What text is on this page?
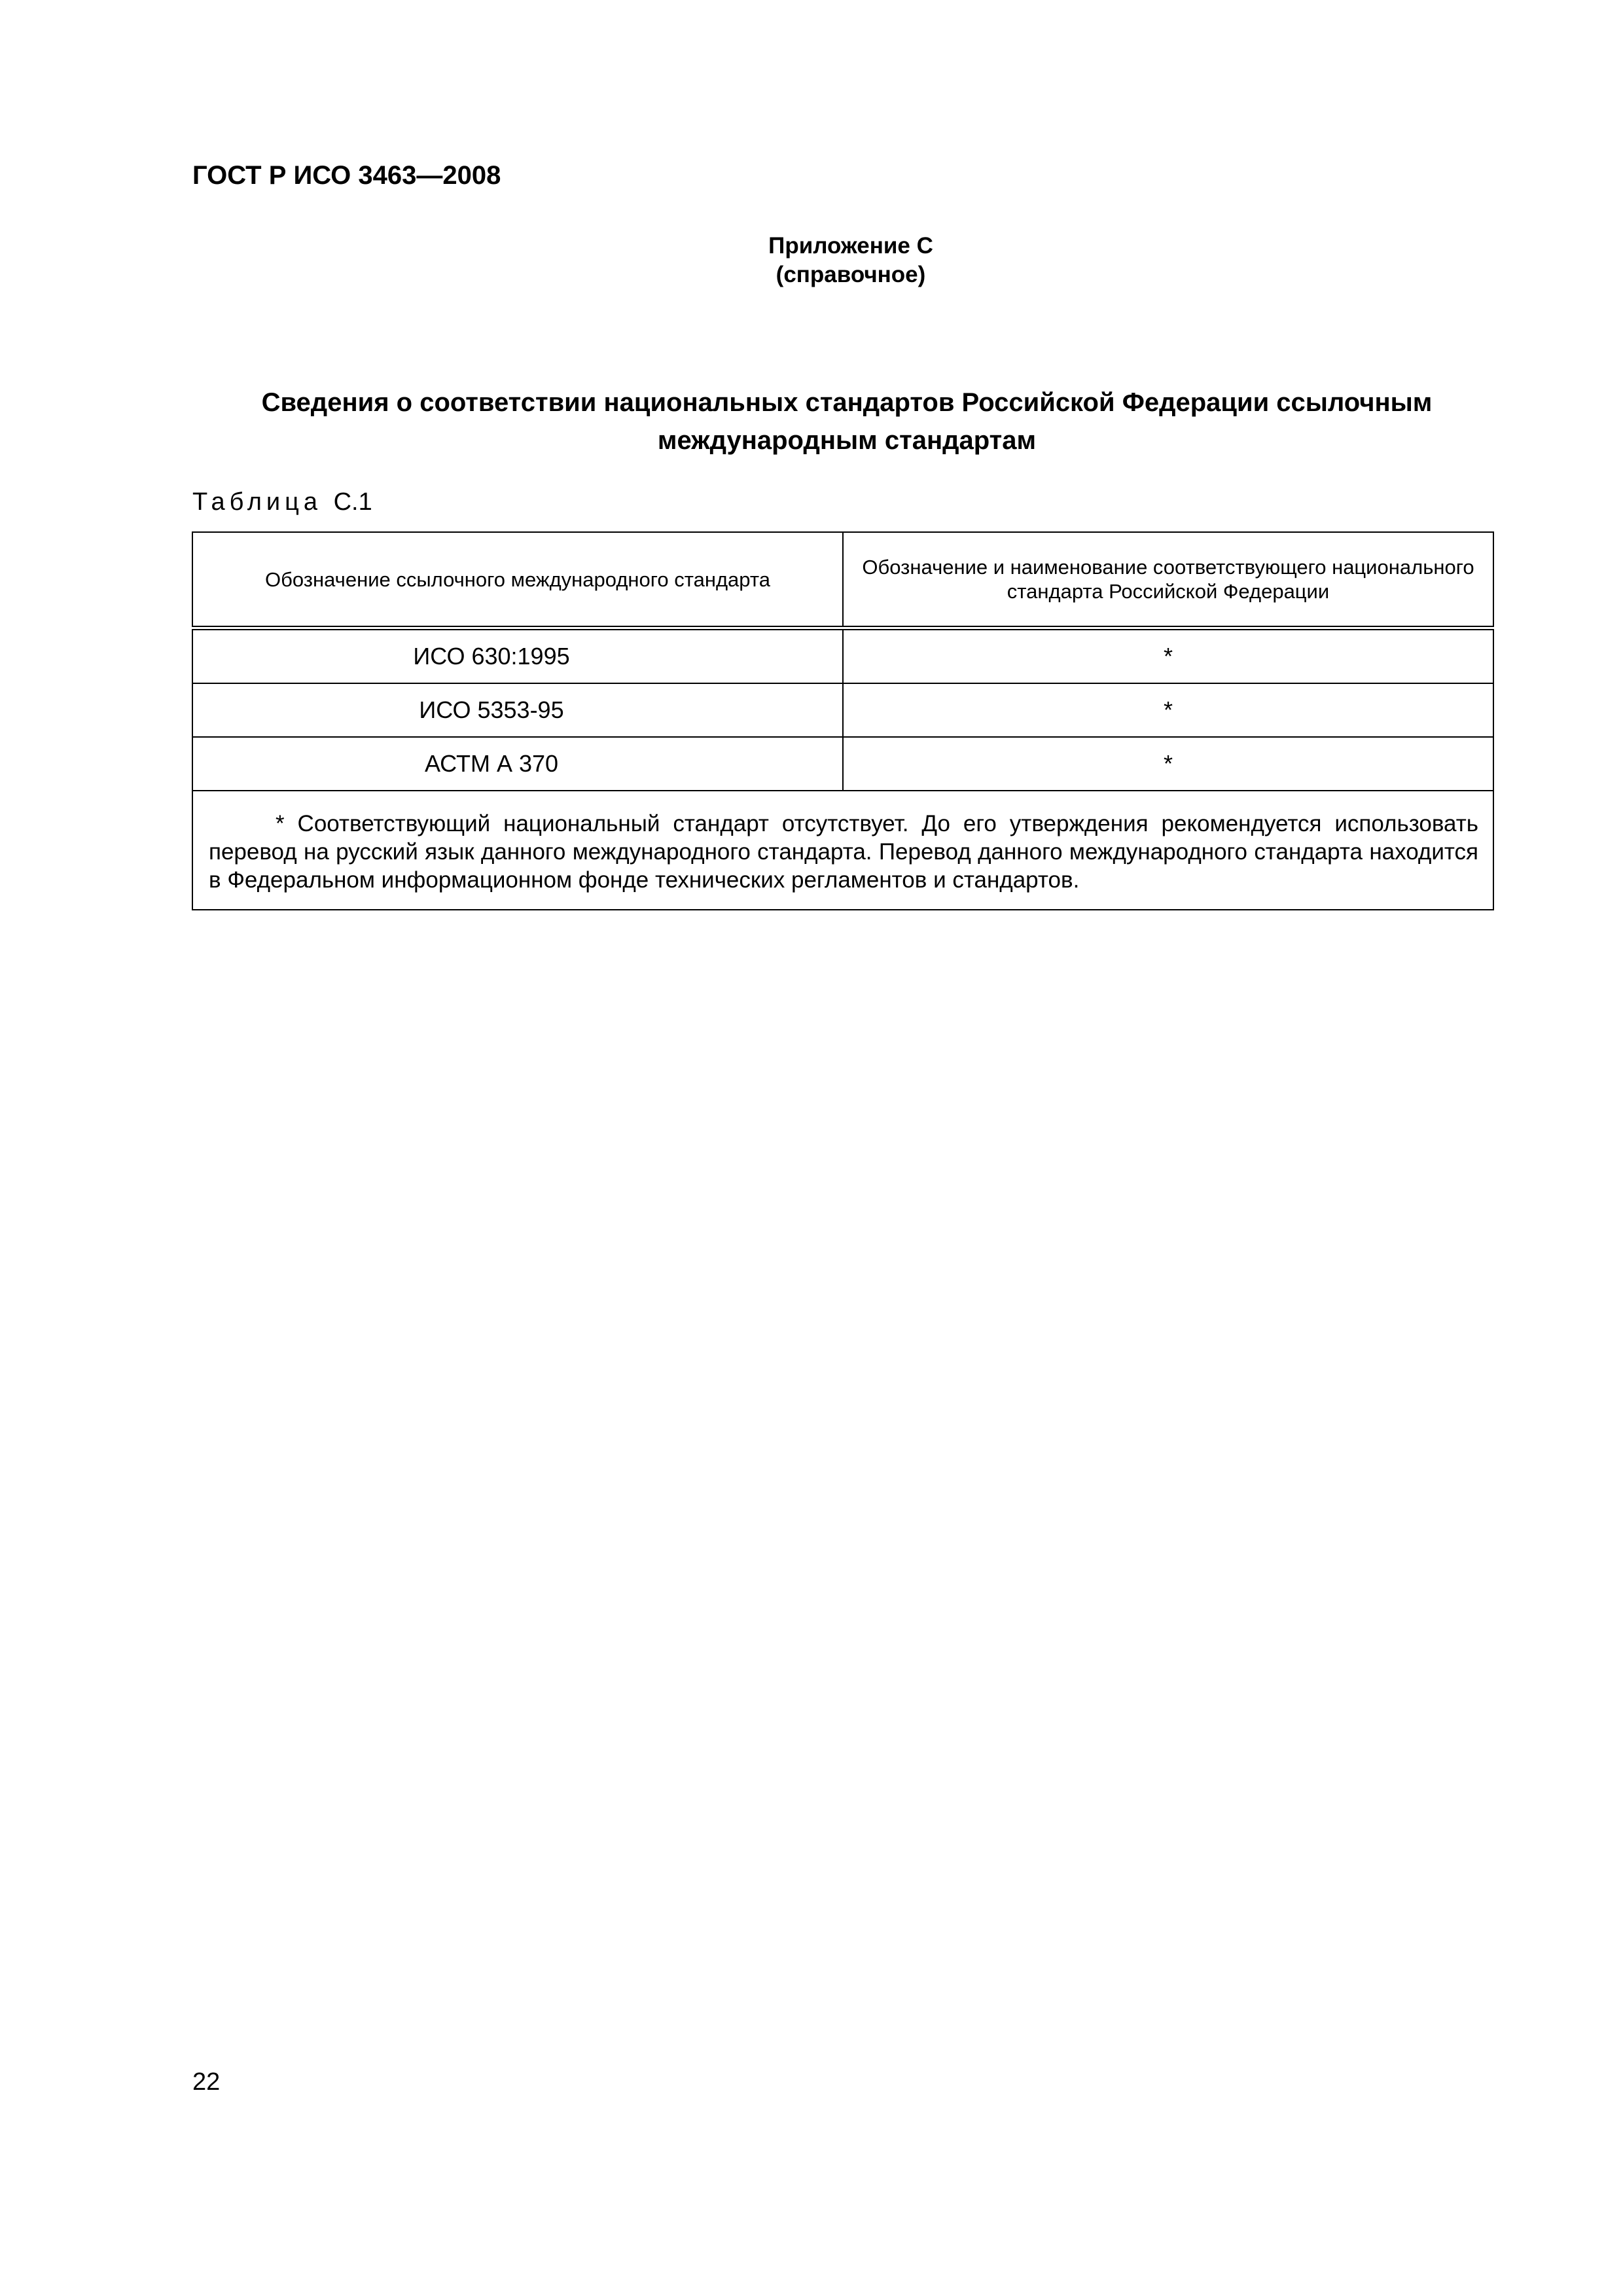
ГОСТ Р ИСО 3463—2008
Приложение С
(справочное)
Сведения о соответствии национальных стандартов Российской Федерации ссылочным
международным стандартам
Таблица С.1
Обозначение ссылочного международного стандарта	Обозначение и наименование соответствующего национального стандарта Российской Федерации
ИСО 630:1995	*
ИСО 5353-95	*
АСТМ А 370	*

* Соответствующий национальный стандарт отсутствует. До его утверждения рекомендуется использовать перевод на русский язык данного международного стандарта. Перевод данного международного стандарта находится в Федеральном информационном фонде технических регламентов и стандартов.	
22
